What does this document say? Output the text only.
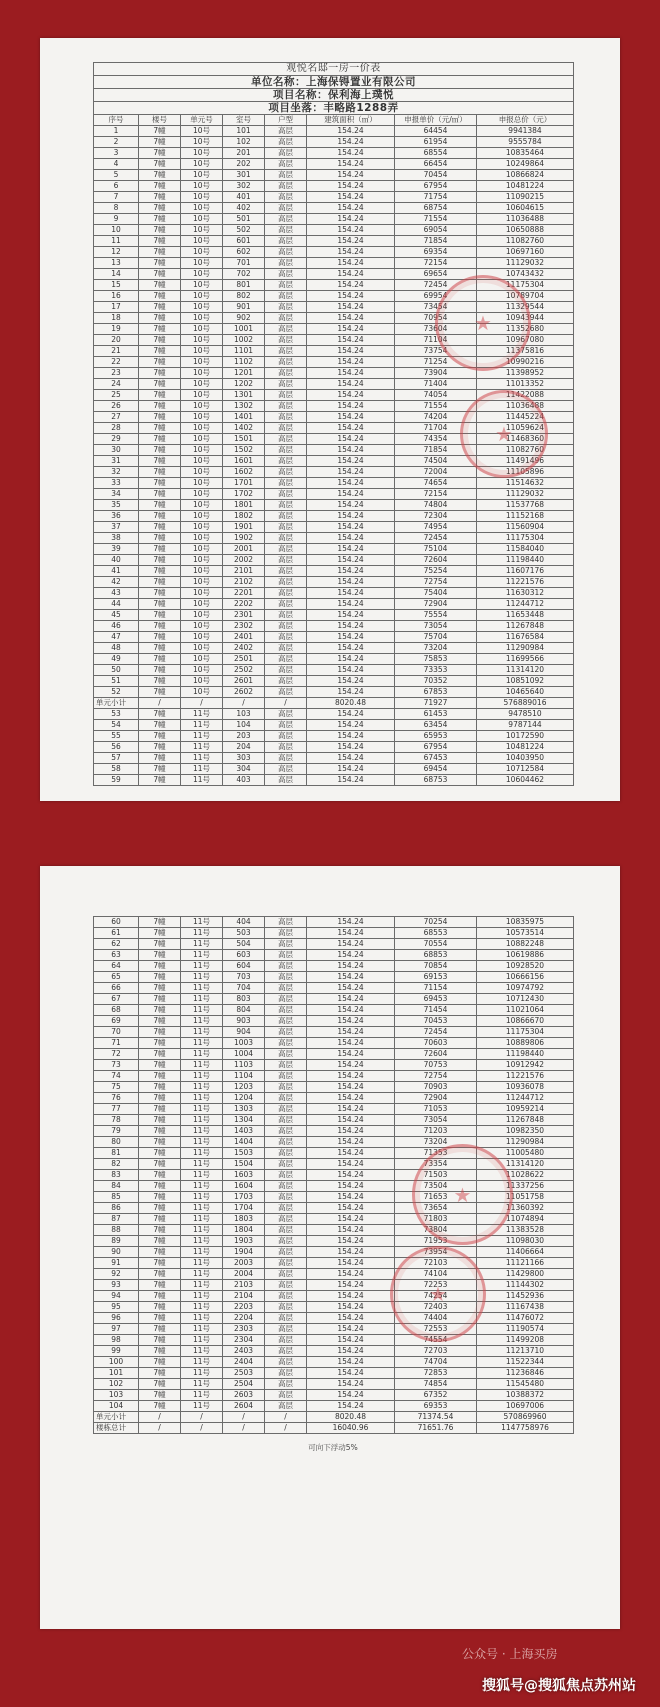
观悦名邸一房一价表							
单位名称：上海保锝置业有限公司							
项目名称：保利海上璞悦							
项目坐落：丰略路1288弄							
序号	楼号	单元号	室号	户型	建筑面积（㎡）	申报单价（元/㎡）	申报总价（元）
1	7幢	10号	101	高层	154.24	64454	9941384
2	7幢	10号	102	高层	154.24	61954	9555784
3	7幢	10号	201	高层	154.24	68554	10835464
4	7幢	10号	202	高层	154.24	66454	10249864
5	7幢	10号	301	高层	154.24	70454	10866824
6	7幢	10号	302	高层	154.24	67954	10481224
7	7幢	10号	401	高层	154.24	71754	11090215
8	7幢	10号	402	高层	154.24	68754	10604615
9	7幢	10号	501	高层	154.24	71554	11036488
10	7幢	10号	502	高层	154.24	69054	10650888
11	7幢	10号	601	高层	154.24	71854	11082760
12	7幢	10号	602	高层	154.24	69354	10697160
13	7幢	10号	701	高层	154.24	72154	11129032
14	7幢	10号	702	高层	154.24	69654	10743432
15	7幢	10号	801	高层	154.24	72454	11175304
16	7幢	10号	802	高层	154.24	69954	10789704
17	7幢	10号	901	高层	154.24	73454	11329544
18	7幢	10号	902	高层	154.24	70954	10943944
19	7幢	10号	1001	高层	154.24	73604	11352680
20	7幢	10号	1002	高层	154.24	71104	10967080
21	7幢	10号	1101	高层	154.24	73754	11375816
22	7幢	10号	1102	高层	154.24	71254	10990216
23	7幢	10号	1201	高层	154.24	73904	11398952
24	7幢	10号	1202	高层	154.24	71404	11013352
25	7幢	10号	1301	高层	154.24	74054	11422088
26	7幢	10号	1302	高层	154.24	71554	11036488
27	7幢	10号	1401	高层	154.24	74204	11445224
28	7幢	10号	1402	高层	154.24	71704	11059624
29	7幢	10号	1501	高层	154.24	74354	11468360
30	7幢	10号	1502	高层	154.24	71854	11082760
31	7幢	10号	1601	高层	154.24	74504	11491496
32	7幢	10号	1602	高层	154.24	72004	11105896
33	7幢	10号	1701	高层	154.24	74654	11514632
34	7幢	10号	1702	高层	154.24	72154	11129032
35	7幢	10号	1801	高层	154.24	74804	11537768
36	7幢	10号	1802	高层	154.24	72304	11152168
37	7幢	10号	1901	高层	154.24	74954	11560904
38	7幢	10号	1902	高层	154.24	72454	11175304
39	7幢	10号	2001	高层	154.24	75104	11584040
40	7幢	10号	2002	高层	154.24	72604	11198440
41	7幢	10号	2101	高层	154.24	75254	11607176
42	7幢	10号	2102	高层	154.24	72754	11221576
43	7幢	10号	2201	高层	154.24	75404	11630312
44	7幢	10号	2202	高层	154.24	72904	11244712
45	7幢	10号	2301	高层	154.24	75554	11653448
46	7幢	10号	2302	高层	154.24	73054	11267848
47	7幢	10号	2401	高层	154.24	75704	11676584
48	7幢	10号	2402	高层	154.24	73204	11290984
49	7幢	10号	2501	高层	154.24	75853	11699566
50	7幢	10号	2502	高层	154.24	73353	11314120
51	7幢	10号	2601	高层	154.24	70352	10851092
52	7幢	10号	2602	高层	154.24	67853	10465640
单元小计	/	/	/	/	8020.48	71927	576889016
53	7幢	11号	103	高层	154.24	61453	9478510
54	7幢	11号	104	高层	154.24	63454	9787144
55	7幢	11号	203	高层	154.24	65953	10172590
56	7幢	11号	204	高层	154.24	67954	10481224
57	7幢	11号	303	高层	154.24	67453	10403950
58	7幢	11号	304	高层	154.24	69454	10712584
59	7幢	11号	403	高层	154.24	68753	10604462
★
★
60	7幢	11号	404	高层	154.24	70254	10835975
61	7幢	11号	503	高层	154.24	68553	10573514
62	7幢	11号	504	高层	154.24	70554	10882248
63	7幢	11号	603	高层	154.24	68853	10619886
64	7幢	11号	604	高层	154.24	70854	10928520
65	7幢	11号	703	高层	154.24	69153	10666156
66	7幢	11号	704	高层	154.24	71154	10974792
67	7幢	11号	803	高层	154.24	69453	10712430
68	7幢	11号	804	高层	154.24	71454	11021064
69	7幢	11号	903	高层	154.24	70453	10866670
70	7幢	11号	904	高层	154.24	72454	11175304
71	7幢	11号	1003	高层	154.24	70603	10889806
72	7幢	11号	1004	高层	154.24	72604	11198440
73	7幢	11号	1103	高层	154.24	70753	10912942
74	7幢	11号	1104	高层	154.24	72754	11221576
75	7幢	11号	1203	高层	154.24	70903	10936078
76	7幢	11号	1204	高层	154.24	72904	11244712
77	7幢	11号	1303	高层	154.24	71053	10959214
78	7幢	11号	1304	高层	154.24	73054	11267848
79	7幢	11号	1403	高层	154.24	71203	10982350
80	7幢	11号	1404	高层	154.24	73204	11290984
81	7幢	11号	1503	高层	154.24	71353	11005480
82	7幢	11号	1504	高层	154.24	73354	11314120
83	7幢	11号	1603	高层	154.24	71503	11028622
84	7幢	11号	1604	高层	154.24	73504	11337256
85	7幢	11号	1703	高层	154.24	71653	11051758
86	7幢	11号	1704	高层	154.24	73654	11360392
87	7幢	11号	1803	高层	154.24	71803	11074894
88	7幢	11号	1804	高层	154.24	73804	11383528
89	7幢	11号	1903	高层	154.24	71953	11098030
90	7幢	11号	1904	高层	154.24	73954	11406664
91	7幢	11号	2003	高层	154.24	72103	11121166
92	7幢	11号	2004	高层	154.24	74104	11429800
93	7幢	11号	2103	高层	154.24	72253	11144302
94	7幢	11号	2104	高层	154.24	74254	11452936
95	7幢	11号	2203	高层	154.24	72403	11167438
96	7幢	11号	2204	高层	154.24	74404	11476072
97	7幢	11号	2303	高层	154.24	72553	11190574
98	7幢	11号	2304	高层	154.24	74554	11499208
99	7幢	11号	2403	高层	154.24	72703	11213710
100	7幢	11号	2404	高层	154.24	74704	11522344
101	7幢	11号	2503	高层	154.24	72853	11236846
102	7幢	11号	2504	高层	154.24	74854	11545480
103	7幢	11号	2603	高层	154.24	67352	10388372
104	7幢	11号	2604	高层	154.24	69353	10697006
单元小计	/	/	/	/	8020.48	71374.54	570869960
楼栋总计	/	/	/	/	16040.96	71651.76	1147758976
可向下浮动5%
★
★
公众号 · 上海买房
搜狐号@搜狐焦点苏州站
